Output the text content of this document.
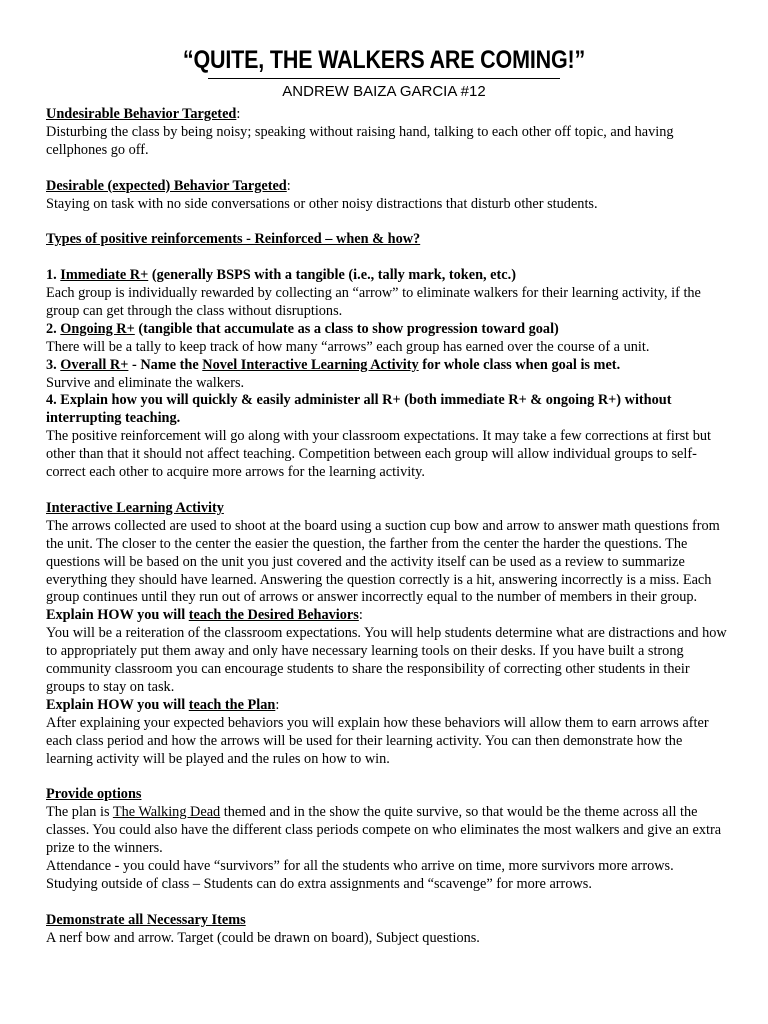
“QUITE, THE WALKERS ARE COMING!”
ANDREW BAIZA GARCIA #12

Undesirable Behavior Targeted:

Disturbing the class by being noisy; speaking without raising hand, talking to each other off topic, and having cellphones go off.

Desirable (expected) Behavior Targeted:

Staying on task with no side conversations or other noisy distractions that disturb other students.

Types of positive reinforcements - Reinforced – when & how?

1. Immediate R+ (generally BSPS with a tangible (i.e., tally mark, token, etc.)

Each group is individually rewarded by collecting an “arrow” to eliminate walkers for their learning activity, if the group can get through the class without disruptions.

2. Ongoing R+ (tangible that accumulate as a class to show progression toward goal)

There will be a tally to keep track of how many “arrows” each group has earned over the course of a unit.

3. Overall R+ - Name the Novel Interactive Learning Activity for whole class when goal is met.

Survive and eliminate the walkers.

4. Explain how you will quickly & easily administer all R+ (both immediate R+ & ongoing R+) without interrupting teaching.

The positive reinforcement will go along with your classroom expectations. It may take a few corrections at first but other than that it should not affect teaching. Competition between each group will allow individual groups to self-correct each other to acquire more arrows for the learning activity.

Interactive Learning Activity

The arrows collected are used to shoot at the board using a suction cup bow and arrow to answer math questions from the unit. The closer to the center the easier the question, the farther from the center the harder the questions. The questions will be based on the unit you just covered and the activity itself can be used as a review to summarize everything they should have learned. Answering the question correctly is a hit, answering incorrectly is a miss. Each group continues until they run out of arrows or answer incorrectly equal to the number of members in their group.

Explain HOW you will teach the Desired Behaviors:

You will be a reiteration of the classroom expectations. You will help students determine what are distractions and how to appropriately put them away and only have necessary learning tools on their desks. If you have built a strong community classroom you can encourage students to share the responsibility of correcting other students in their groups to stay on task.

Explain HOW you will teach the Plan:

After explaining your expected behaviors you will explain how these behaviors will allow them to earn arrows after each class period and how the arrows will be used for their learning activity. You can then demonstrate how the learning activity will be played and the rules on how to win.

Provide options

The plan is The Walking Dead themed and in the show the quite survive, so that would be the theme across all the classes. You could also have the different class periods compete on who eliminates the most walkers and give an extra prize to the winners.

Attendance - you could have “survivors” for all the students who arrive on time, more survivors more arrows.

Studying outside of class – Students can do extra assignments and “scavenge” for more arrows.

Demonstrate all Necessary Items

A nerf bow and arrow. Target (could be drawn on board), Subject questions.
